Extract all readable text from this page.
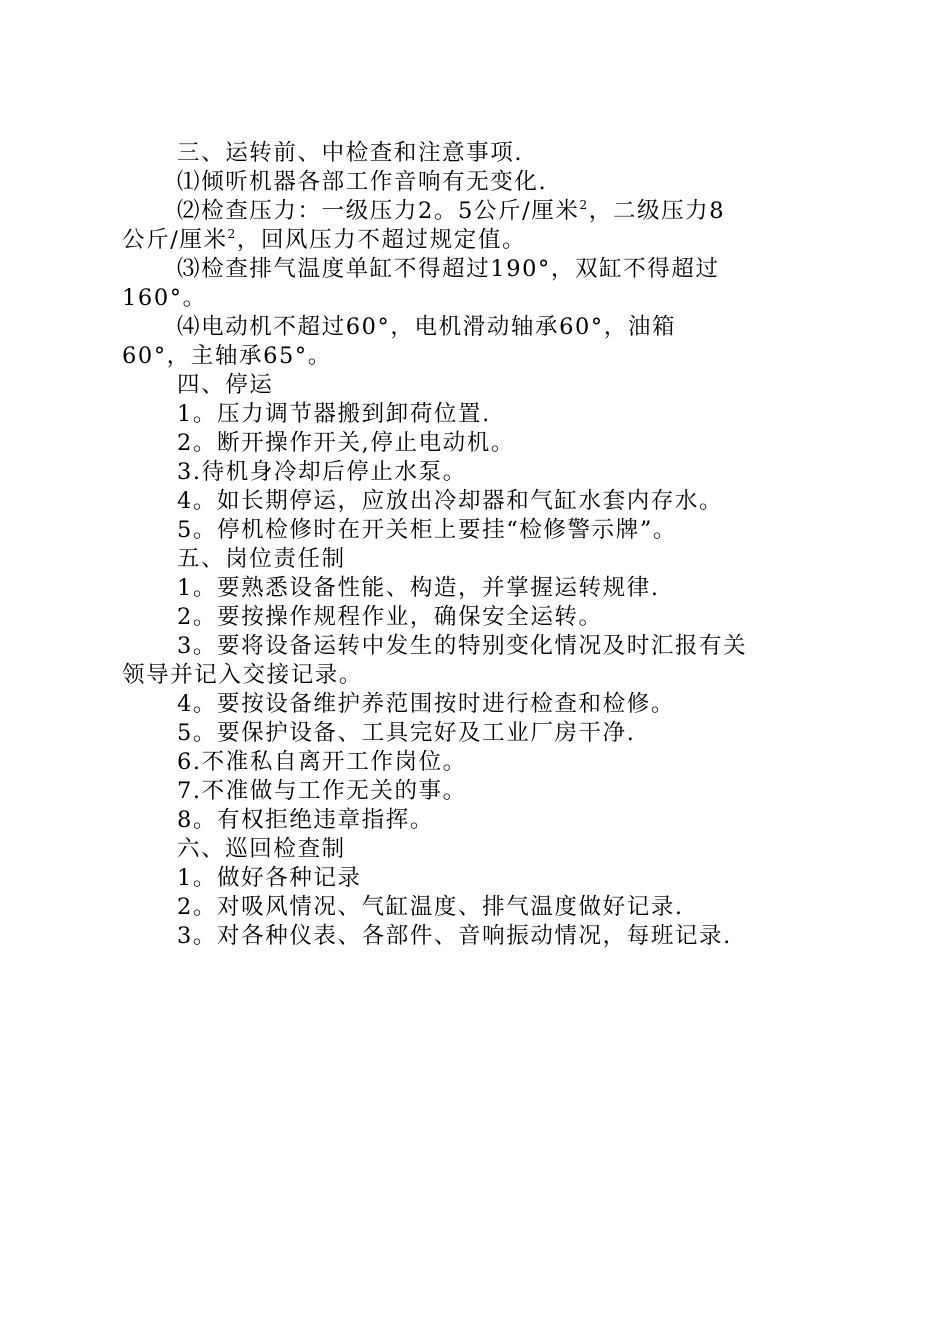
三、运转前、中检查和注意事项.
⑴倾听机器各部工作音响有无变化.
⑵检查压力：一级压力2。5公斤/厘米$^2$，二级压力8
公斤/厘米$^2$，回风压力不超过规定值。
⑶检查排气温度单缸不得超过190°，双缸不得超过
160°。
⑷电动机不超过60°，电机滑动轴承60°，油箱
60°，主轴承65°。
四、停运
1。压力调节器搬到卸荷位置.
2。断开操作开关,停止电动机。
3.待机身冷却后停止水泵。
4。如长期停运，应放出冷却器和气缸水套内存水。
5。停机检修时在开关柜上要挂“检修警示牌”。
五、岗位责任制
1。要熟悉设备性能、构造，并掌握运转规律.
2。要按操作规程作业，确保安全运转。
3。要将设备运转中发生的特别变化情况及时汇报有关
领导并记入交接记录。
4。要按设备维护养范围按时进行检查和检修。
5。要保护设备、工具完好及工业厂房干净.
6.不准私自离开工作岗位。
7.不准做与工作无关的事。
8。有权拒绝违章指挥。
六、巡回检查制
1。做好各种记录
2。对吸风情况、气缸温度、排气温度做好记录.
3。对各种仪表、各部件、音响振动情况，每班记录.
